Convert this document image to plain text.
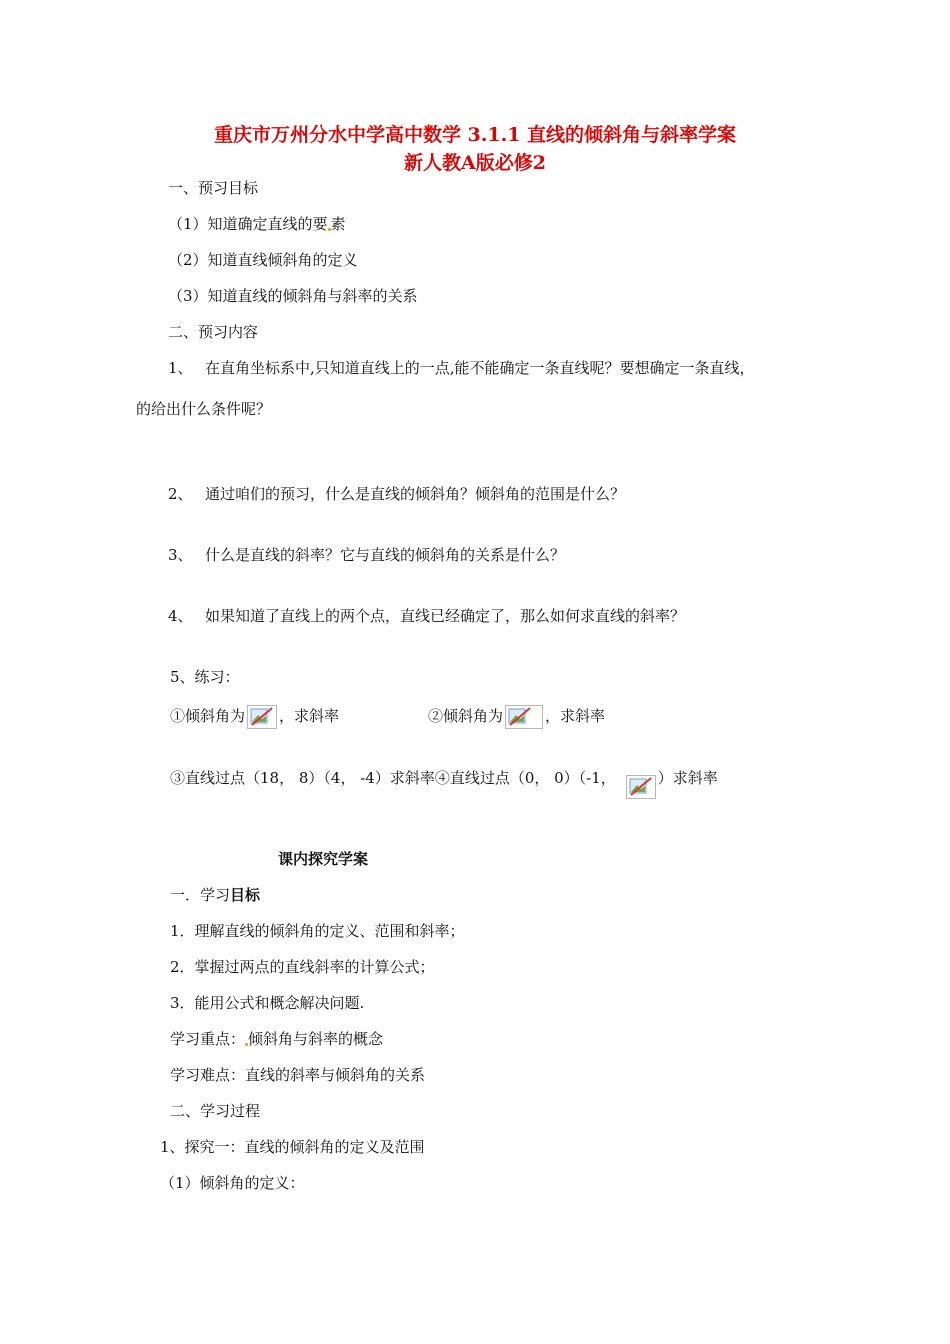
重庆市万州分水中学高中数学 3.1.1 直线的倾斜角与斜率学案
新人教A版必修2
一、预习目标
（1）知道确定直线的要 素
（2）知道直线倾斜角的定义
（3）知道直线的倾斜角与斜率的关系
二、预习内容
1、 在直角坐标系中,只知道直线上的一点,能不能确定一条直线呢？要想确定一条直线，
的给出什么条件呢？
2、 通过咱们的预习，什么是直线的倾斜角？倾斜角的范围是什么？
3、 什么是直线的斜率？它与直线的倾斜角的关系是什么？
4、 如果知道了直线上的两个点，直线已经确定了，那么如何求直线的斜率？
5、练习：
①倾斜角为 ，求斜率	②倾斜角为	，求斜率
③直线过点（18， 8）（4， -4）求斜率④直线过点（0， 0）（-1，	）求斜率
课内探究学案
一．学习目标
1．理解直线的倾斜角的定义、范围和斜率；
2．掌握过两点的直线斜率的计算公式；
3．能用公式和概念解决问题.
学习重点： 倾斜角与斜率的概念
学习难点：直线的斜率与倾斜角的关系
二、学习过程
1、探究一：直线的倾斜角的定义及范围
（1）倾斜角的定义：
